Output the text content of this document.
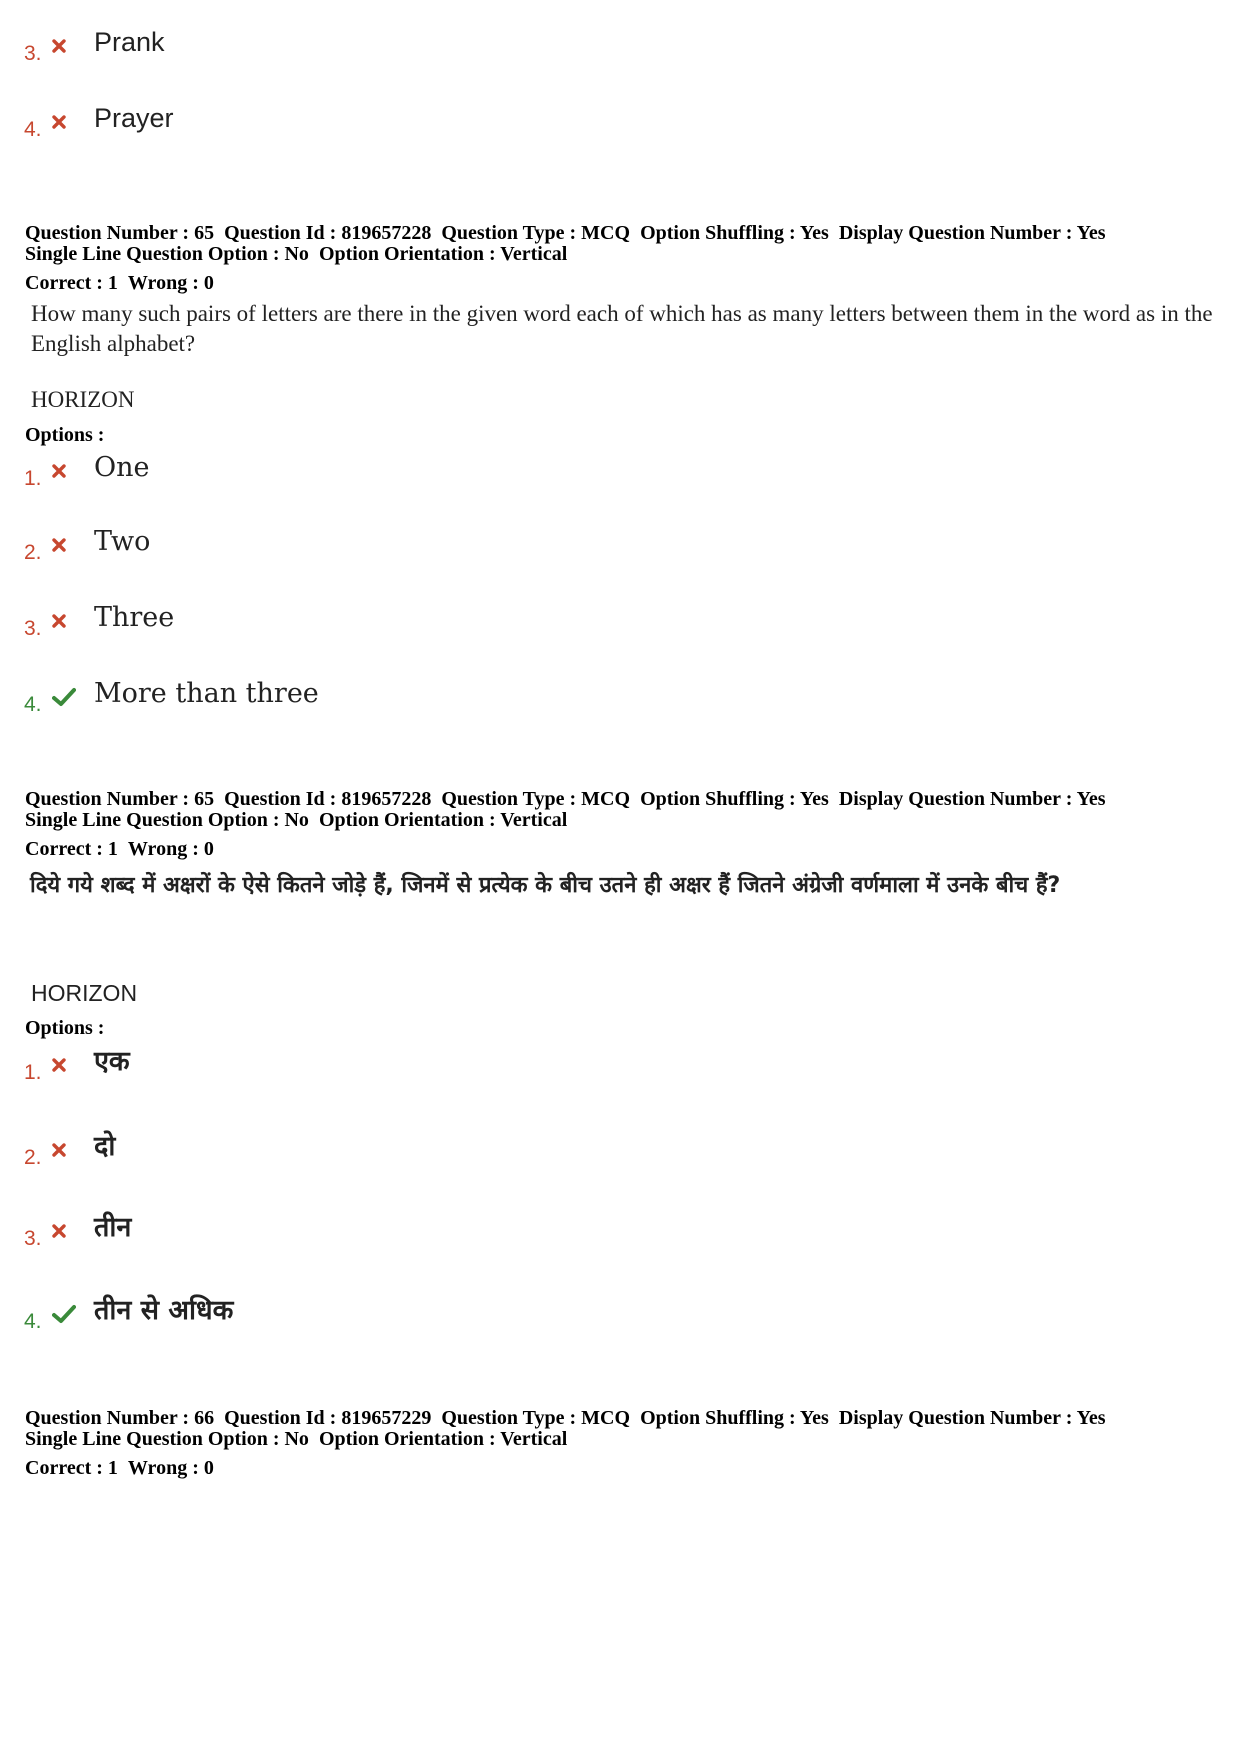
3.	Prank
4.	Prayer
Question Number : 65 Question Id : 819657228 Question Type : MCQ Option Shuffling : Yes Display Question Number : Yes
Single Line Question Option : No Option Orientation : Vertical
Correct : 1 Wrong : 0
How many such pairs of letters are there in the given word each of which has as many letters between them in the word as in the English alphabet?
HORIZON
Options :
1.	One
2.	Two
3.	Three
4.	More than three
Question Number : 65 Question Id : 819657228 Question Type : MCQ Option Shuffling : Yes Display Question Number : Yes
Single Line Question Option : No Option Orientation : Vertical
Correct : 1 Wrong : 0
दिये गये शब्द में अक्षरों के ऐसे कितने जोड़े हैं, जिनमें से प्रत्येक के बीच उतने ही अक्षर हैं जितने अंग्रेजी वर्णमाला में उनके बीच हैं?
HORIZON
Options :
1.	एक
2.	दो
3.	तीन
4.	तीन से अधिक
Question Number : 66 Question Id : 819657229 Question Type : MCQ Option Shuffling : Yes Display Question Number : Yes
Single Line Question Option : No Option Orientation : Vertical
Correct : 1 Wrong : 0
